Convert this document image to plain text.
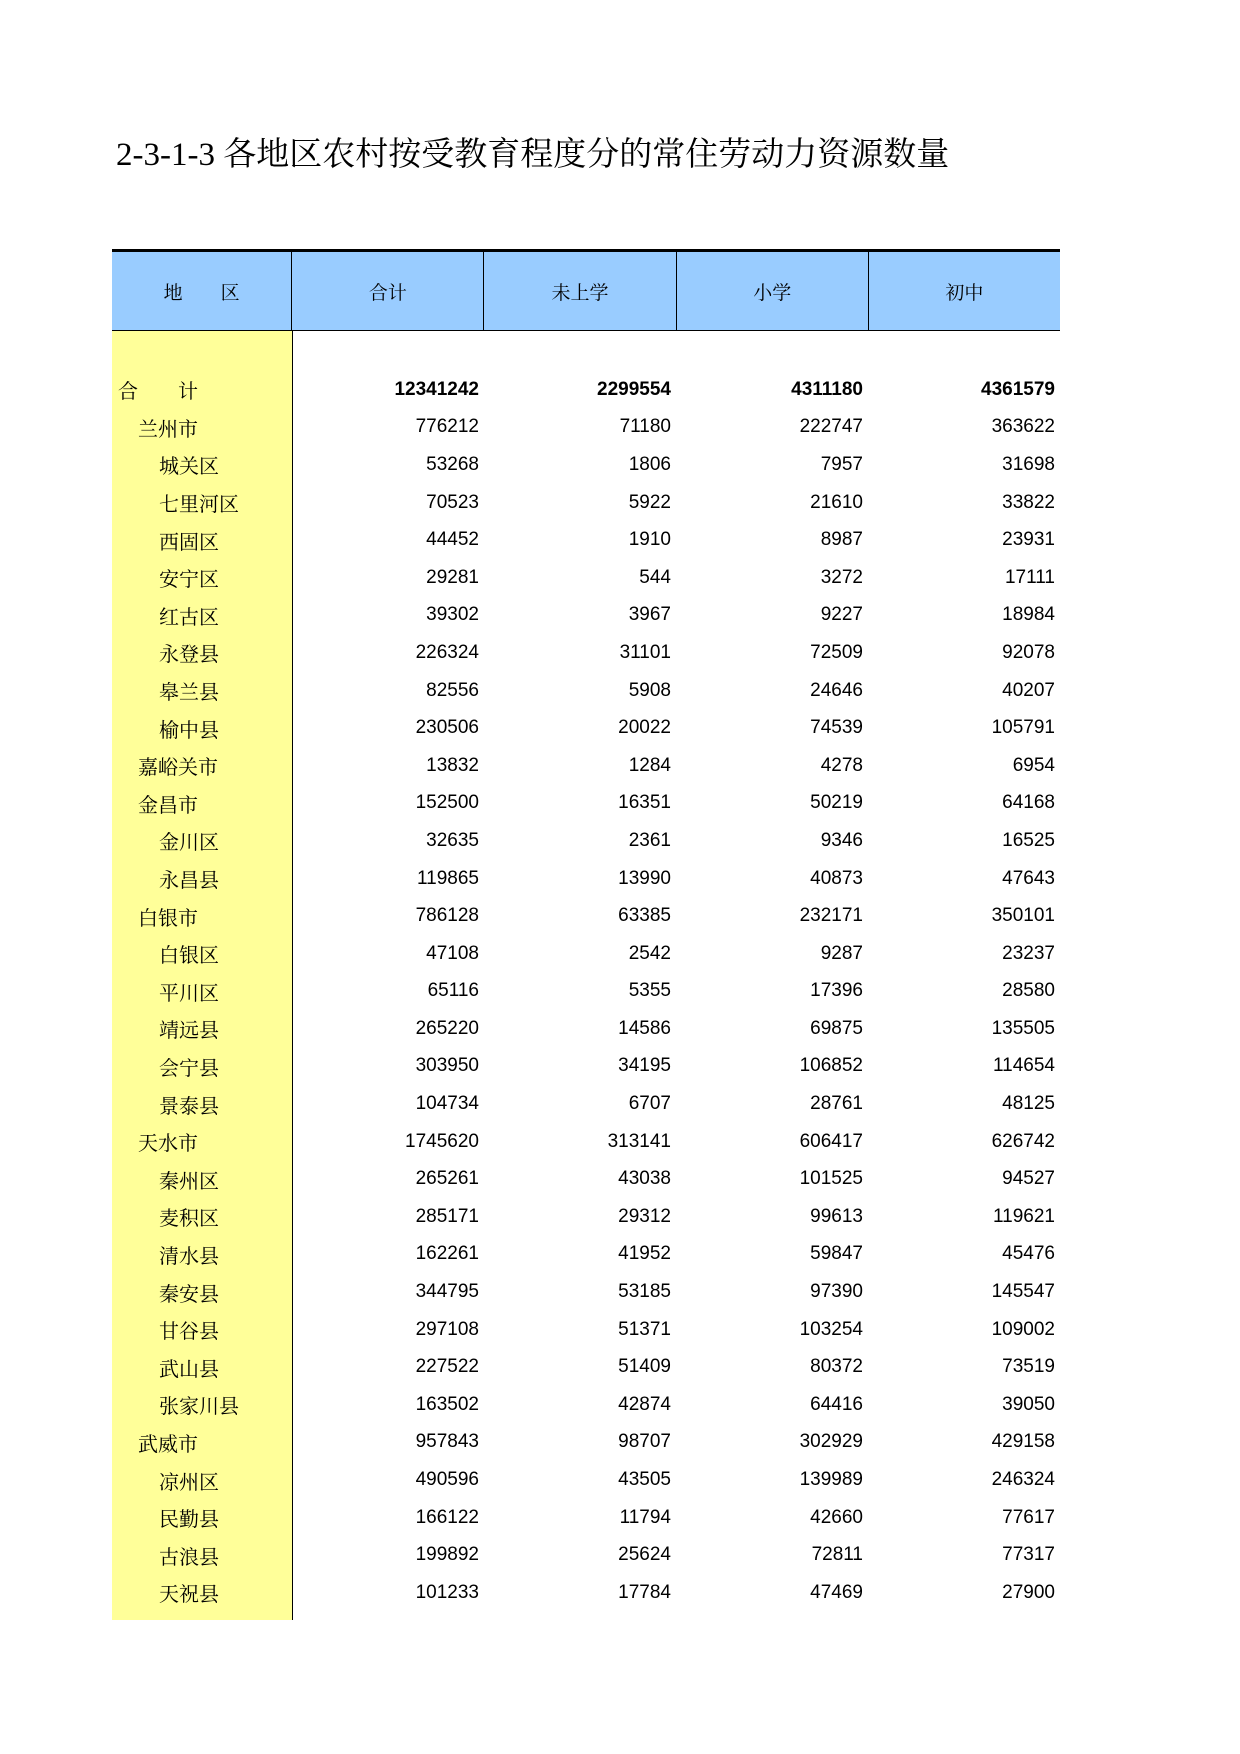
2-3-1-3 各地区农村按受教育程度分的常住劳动力资源数量
地　　区	合计	未上学	小学	初中
合　　计	12341242	2299554	4311180	4361579
兰州市	776212	71180	222747	363622
城关区	53268	1806	7957	31698
七里河区	70523	5922	21610	33822
西固区	44452	1910	8987	23931
安宁区	29281	544	3272	17111
红古区	39302	3967	9227	18984
永登县	226324	31101	72509	92078
皋兰县	82556	5908	24646	40207
榆中县	230506	20022	74539	105791
嘉峪关市	13832	1284	4278	6954
金昌市	152500	16351	50219	64168
金川区	32635	2361	9346	16525
永昌县	119865	13990	40873	47643
白银市	786128	63385	232171	350101
白银区	47108	2542	9287	23237
平川区	65116	5355	17396	28580
靖远县	265220	14586	69875	135505
会宁县	303950	34195	106852	114654
景泰县	104734	6707	28761	48125
天水市	1745620	313141	606417	626742
秦州区	265261	43038	101525	94527
麦积区	285171	29312	99613	119621
清水县	162261	41952	59847	45476
秦安县	344795	53185	97390	145547
甘谷县	297108	51371	103254	109002
武山县	227522	51409	80372	73519
张家川县	163502	42874	64416	39050
武威市	957843	98707	302929	429158
凉州区	490596	43505	139989	246324
民勤县	166122	11794	42660	77617
古浪县	199892	25624	72811	77317
天祝县	101233	17784	47469	27900
